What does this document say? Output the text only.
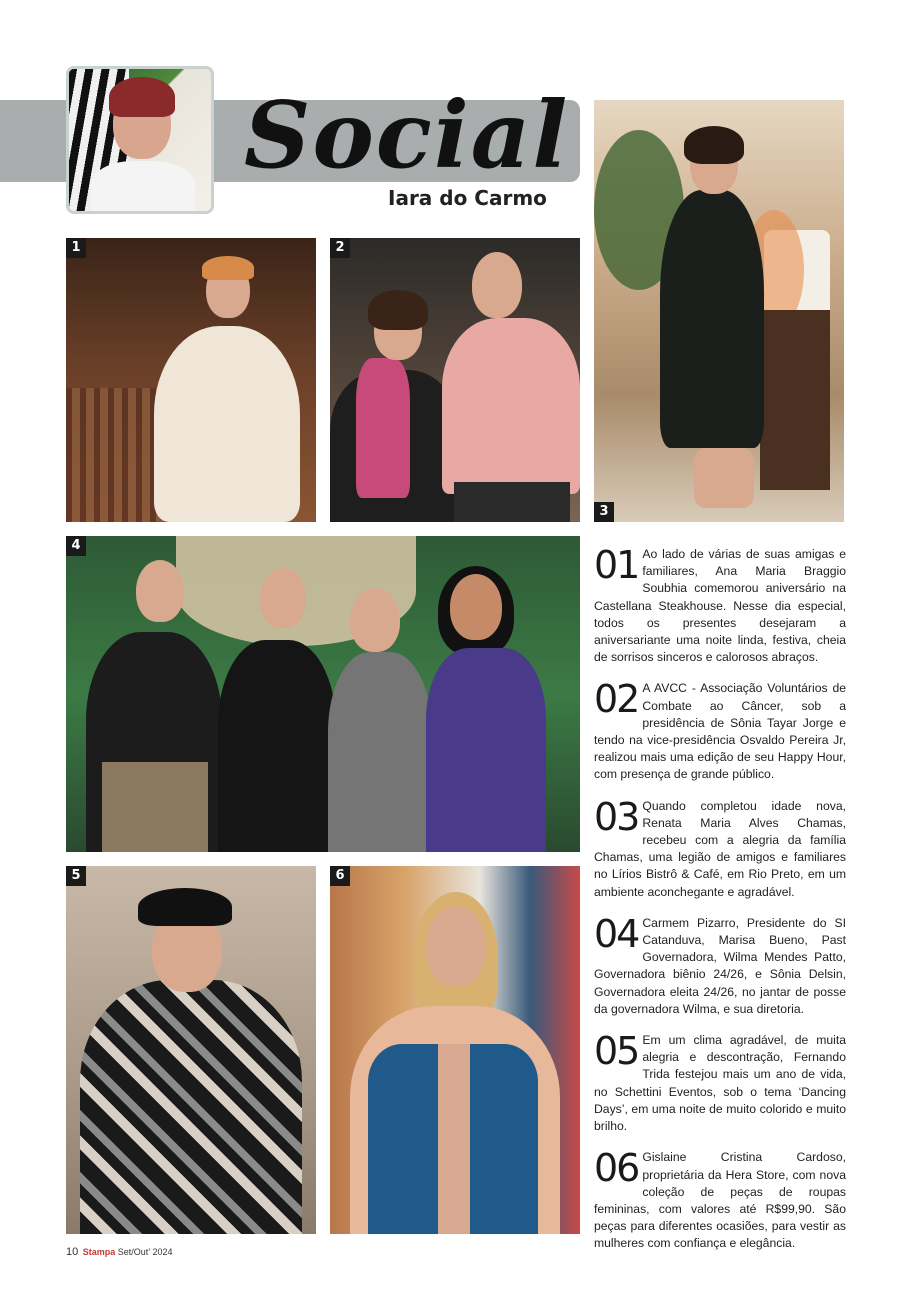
Social
Iara do Carmo
1	2
3
4
5	6

01 Ao lado de várias de suas amigas e familiares, Ana Maria Braggio Soubhia comemorou aniversário na Castellana Steakhouse. Nesse dia especial, todos os presentes desejaram a aniversariante uma noite linda, festiva, cheia de sorrisos sinceros e calorosos abraços.

02 A AVCC - Associação Voluntários de Combate ao Câncer, sob a presidência de Sônia Tayar Jorge e tendo na vice-presidência Osvaldo Pereira Jr, realizou mais uma edição de seu Happy Hour, com presença de grande público.

03 Quando completou idade nova, Renata Maria Alves Chamas, recebeu com a alegria da família Chamas, uma legião de amigos e familiares no Lírios Bistrô & Café, em Rio Preto, em um ambiente aconchegante e agradável.

04 Carmem Pizarro, Presidente do SI Catanduva, Marisa Bueno, Past Governadora, Wilma Mendes Patto, Governadora biênio 24/26, e Sônia Delsin, Governadora eleita 24/26, no jantar de posse da governadora Wilma, e sua diretoria.

05 Em um clima agradável, de muita alegria e descontração, Fernando Trida festejou mais um ano de vida, no Schettini Eventos, sob o tema ‘Dancing Days’, em uma noite de muito colorido e muito brilho.

06 Gislaine Cristina Cardoso, proprietária da Hera Store, com nova coleção de peças de roupas femininas, com valores até R$99,90. São peças para diferentes ocasiões, para vestir as mulheres com confiança e elegância.

10 Stampa Set/Out' 2024
